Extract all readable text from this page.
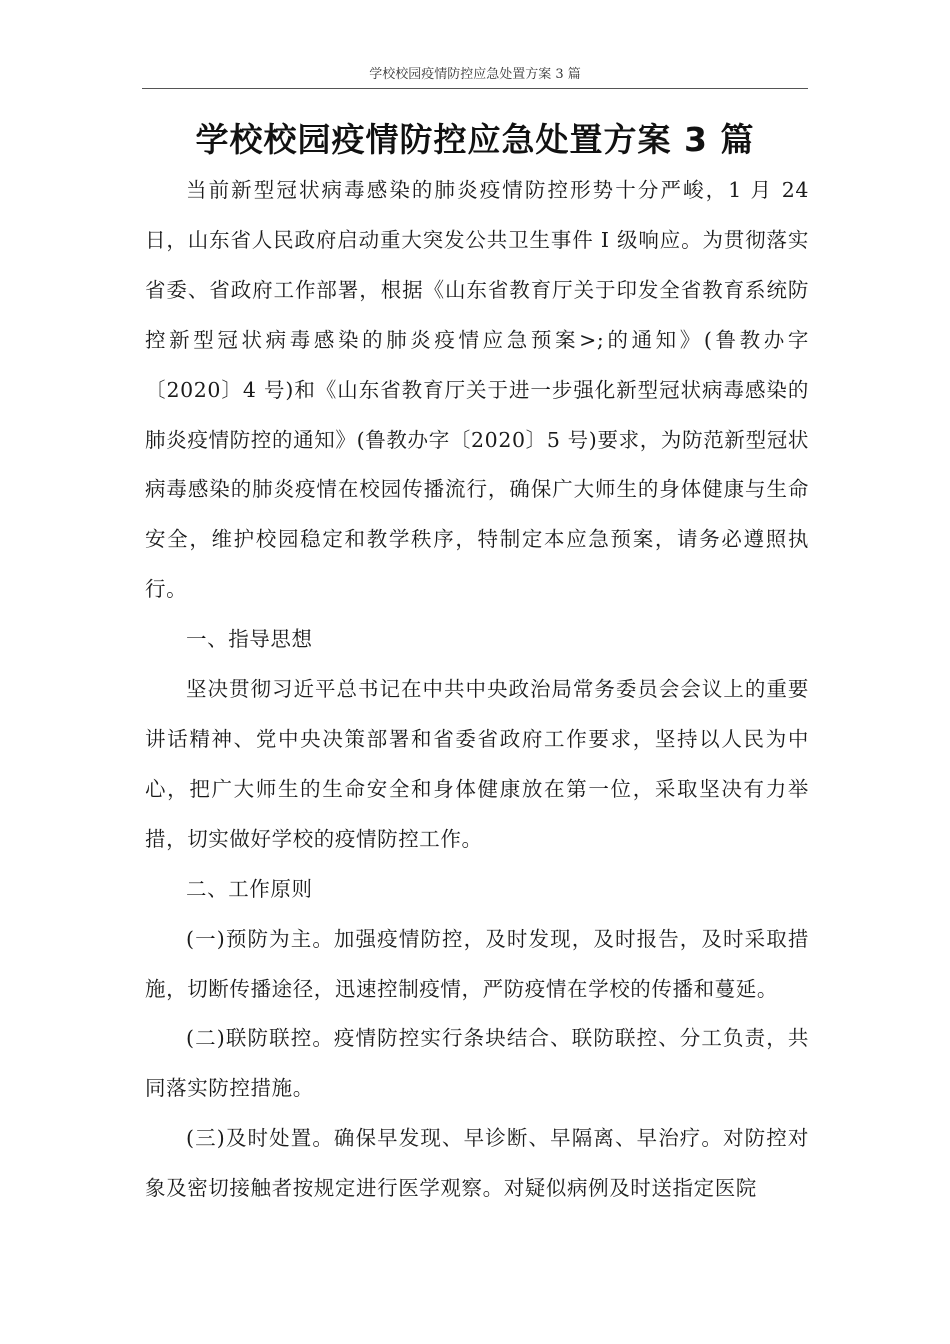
学校校园疫情防控应急处置方案 3 篇
学校校园疫情防控应急处置方案 3 篇

当前新型冠状病毒感染的肺炎疫情防控形势十分严峻，1 月 24 日，山东省人民政府启动重大突发公共卫生事件 I 级响应。为贯彻落实省委、省政府工作部署，根据《山东省教育厅关于印发全省教育系统防控新型冠状病毒感染的肺炎疫情应急预案>;的通知》(鲁教办字〔2020〕4 号)和《山东省教育厅关于进一步强化新型冠状病毒感染的肺炎疫情防控的通知》(鲁教办字〔2020〕5 号)要求，为防范新型冠状病毒感染的肺炎疫情在校园传播流行，确保广大师生的身体健康与生命安全，维护校园稳定和教学秩序，特制定本应急预案，请务必遵照执行。

一、指导思想

坚决贯彻习近平总书记在中共中央政治局常务委员会会议上的重要讲话精神、党中央决策部署和省委省政府工作要求，坚持以人民为中心，把广大师生的生命安全和身体健康放在第一位，采取坚决有力举措，切实做好学校的疫情防控工作。

二、工作原则

(一)预防为主。加强疫情防控，及时发现，及时报告，及时采取措施，切断传播途径，迅速控制疫情，严防疫情在学校的传播和蔓延。

(二)联防联控。疫情防控实行条块结合、联防联控、分工负责，共同落实防控措施。

(三)及时处置。确保早发现、早诊断、早隔离、早治疗。对防控对象及密切接触者按规定进行医学观察。对疑似病例及时送指定医院
